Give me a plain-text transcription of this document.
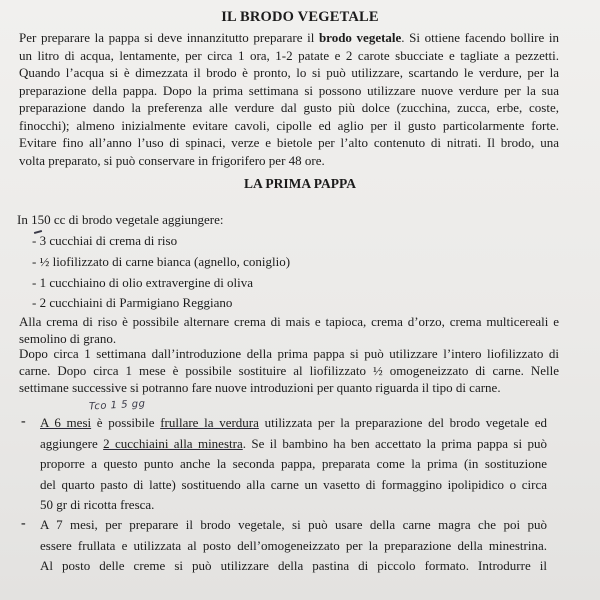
IL BRODO VEGETALE
Per preparare la pappa si deve innanzitutto preparare il brodo vegetale. Si ottiene facendo bollire in
un litro di acqua, lentamente, per circa 1 ora, 1-2 patate e 2 carote sbucciate e tagliate a pezzetti.
Quando l’acqua si è dimezzata il brodo è pronto, lo si può utilizzare, scartando le verdure, per la
preparazione della pappa. Dopo la prima settimana si possono utilizzare nuove verdure per la sua
preparazione dando la preferenza alle verdure dal gusto più dolce (zucchina, zucca, erbe, coste,
finocchi); almeno inizialmente evitare cavoli, cipolle ed aglio per il gusto particolarmente forte.
Evitare fino all’anno l’uso di spinaci, verze e bietole per l’alto contenuto di nitrati. Il brodo, una
volta preparato, si può conservare in frigorifero per 48 ore.
LA PRIMA PAPPA
In 150 cc di brodo vegetale aggiungere:
- 3 cucchiai di crema di riso
- ½ liofilizzato di carne bianca (agnello, coniglio)
- 1 cucchiaino di olio extravergine di oliva
- 2 cucchiaini di Parmigiano Reggiano
Alla crema di riso è possibile alternare crema di mais e tapioca, crema d’orzo, crema multicereali e
semolino di grano.
Dopo circa 1 settimana dall’introduzione della prima pappa si può utilizzare l’intero liofilizzato di
carne. Dopo circa 1 mese è possibile sostituire al liofilizzato ½ omogeneizzato di carne. Nelle
settimane successive si potranno fare nuove introduzioni per quanto riguarda il tipo di carne.
Tco 1 5 gg
- A 6 mesi è possibile frullare la verdura utilizzata per la preparazione del brodo vegetale ed
aggiungere 2 cucchiaini alla minestra. Se il bambino ha ben accettato la prima pappa si può
proporre a questo punto anche la seconda pappa, preparata come la prima (in sostituzione
del quarto pasto di latte) sostituendo alla carne un vasetto di formaggino ipolipidico o circa
50 gr di ricotta fresca.
- A 7 mesi, per preparare il brodo vegetale, si può usare della carne magra che poi può
essere frullata e utilizzata al posto dell’omogeneizzato per la preparazione della minestrina.
Al posto delle creme si può utilizzare della pastina di piccolo formato. Introdurre il
